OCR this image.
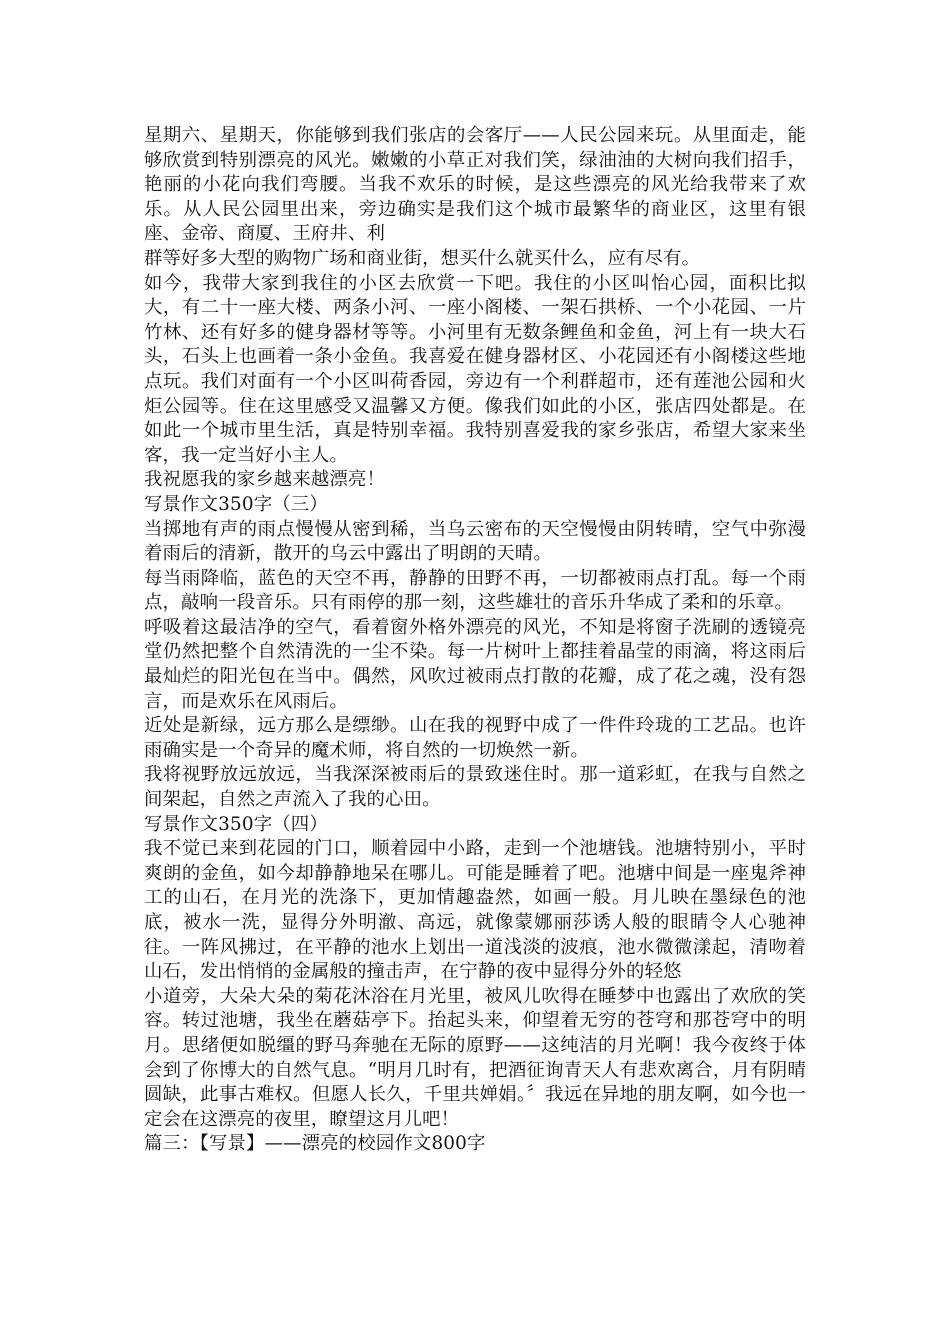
星期六、星期天，你能够到我们张店的会客厅——人民公园来玩。从里面走，能够欣赏到特别漂亮的风光。嫩嫩的小草正对我们笑，绿油油的大树向我们招手，艳丽的小花向我们弯腰。当我不欢乐的时候，是这些漂亮的风光给我带来了欢乐。从人民公园里出来，旁边确实是我们这个城市最繁华的商业区，这里有银座、金帝、商厦、王府井、利

群等好多大型的购物广场和商业街，想买什么就买什么，应有尽有。

如今，我带大家到我住的小区去欣赏一下吧。我住的小区叫怡心园，面积比拟大，有二十一座大楼、两条小河、一座小阁楼、一架石拱桥、一个小花园、一片竹林、还有好多的健身器材等等。小河里有无数条鲤鱼和金鱼，河上有一块大石头，石头上也画着一条小金鱼。我喜爱在健身器材区、小花园还有小阁楼这些地点玩。我们对面有一个小区叫荷香园，旁边有一个利群超市，还有莲池公园和火炬公园等。住在这里感受又温馨又方便。像我们如此的小区，张店四处都是。在如此一个城市里生活，真是特别幸福。我特别喜爱我的家乡张店，希望大家来坐客，我一定当好小主人。

我祝愿我的家乡越来越漂亮！

写景作文350字（三）

当掷地有声的雨点慢慢从密到稀，当乌云密布的天空慢慢由阴转晴，空气中弥漫着雨后的清新，散开的乌云中露出了明朗的天晴。

每当雨降临，蓝色的天空不再，静静的田野不再，一切都被雨点打乱。每一个雨点，敲响一段音乐。只有雨停的那一刻，这些雄壮的音乐升华成了柔和的乐章。

呼吸着这最洁净的空气，看着窗外格外漂亮的风光，不知是将窗子洗刷的透镜亮堂仍然把整个自然清洗的一尘不染。每一片树叶上都挂着晶莹的雨滴，将这雨后最灿烂的阳光包在当中。偶然，风吹过被雨点打散的花瓣，成了花之魂，没有怨言，而是欢乐在风雨后。

近处是新绿，远方那么是缥缈。山在我的视野中成了一件件玲珑的工艺品。也许雨确实是一个奇异的魔术师，将自然的一切焕然一新。

我将视野放远放远，当我深深被雨后的景致迷住时。那一道彩虹，在我与自然之间架起，自然之声流入了我的心田。

写景作文350字（四）

我不觉已来到花园的门口，顺着园中小路，走到一个池塘钱。池塘特别小，平时爽朗的金鱼，如今却静静地呆在哪儿。可能是睡着了吧。池塘中间是一座鬼斧神工的山石，在月光的洗涤下，更加情趣盎然，如画一般。月儿映在墨绿色的池底，被水一洗，显得分外明澈、高远，就像蒙娜丽莎诱人般的眼睛令人心驰神往。一阵风拂过，在平静的池水上划出一道浅淡的波痕，池水微微漾起，清吻着山石，发出悄悄的金属般的撞击声，在宁静的夜中显得分外的轻悠

小道旁，大朵大朵的菊花沐浴在月光里，被风儿吹得在睡梦中也露出了欢欣的笑容。转过池塘，我坐在蘑菇亭下。抬起头来，仰望着无穷的苍穹和那苍穹中的明月。思绪便如脱缰的野马奔驰在无际的原野——这纯洁的月光啊！我今夜终于体会到了你博大的自然气息。“明月几时有，把酒征询青天人有悲欢离合，月有阴晴圆缺，此事古难权。但愿人长久，千里共婵娟。〞我远在异地的朋友啊，如今也一定会在这漂亮的夜里，瞭望这月儿吧！

篇三：【写景】——漂亮的校园作文800字
